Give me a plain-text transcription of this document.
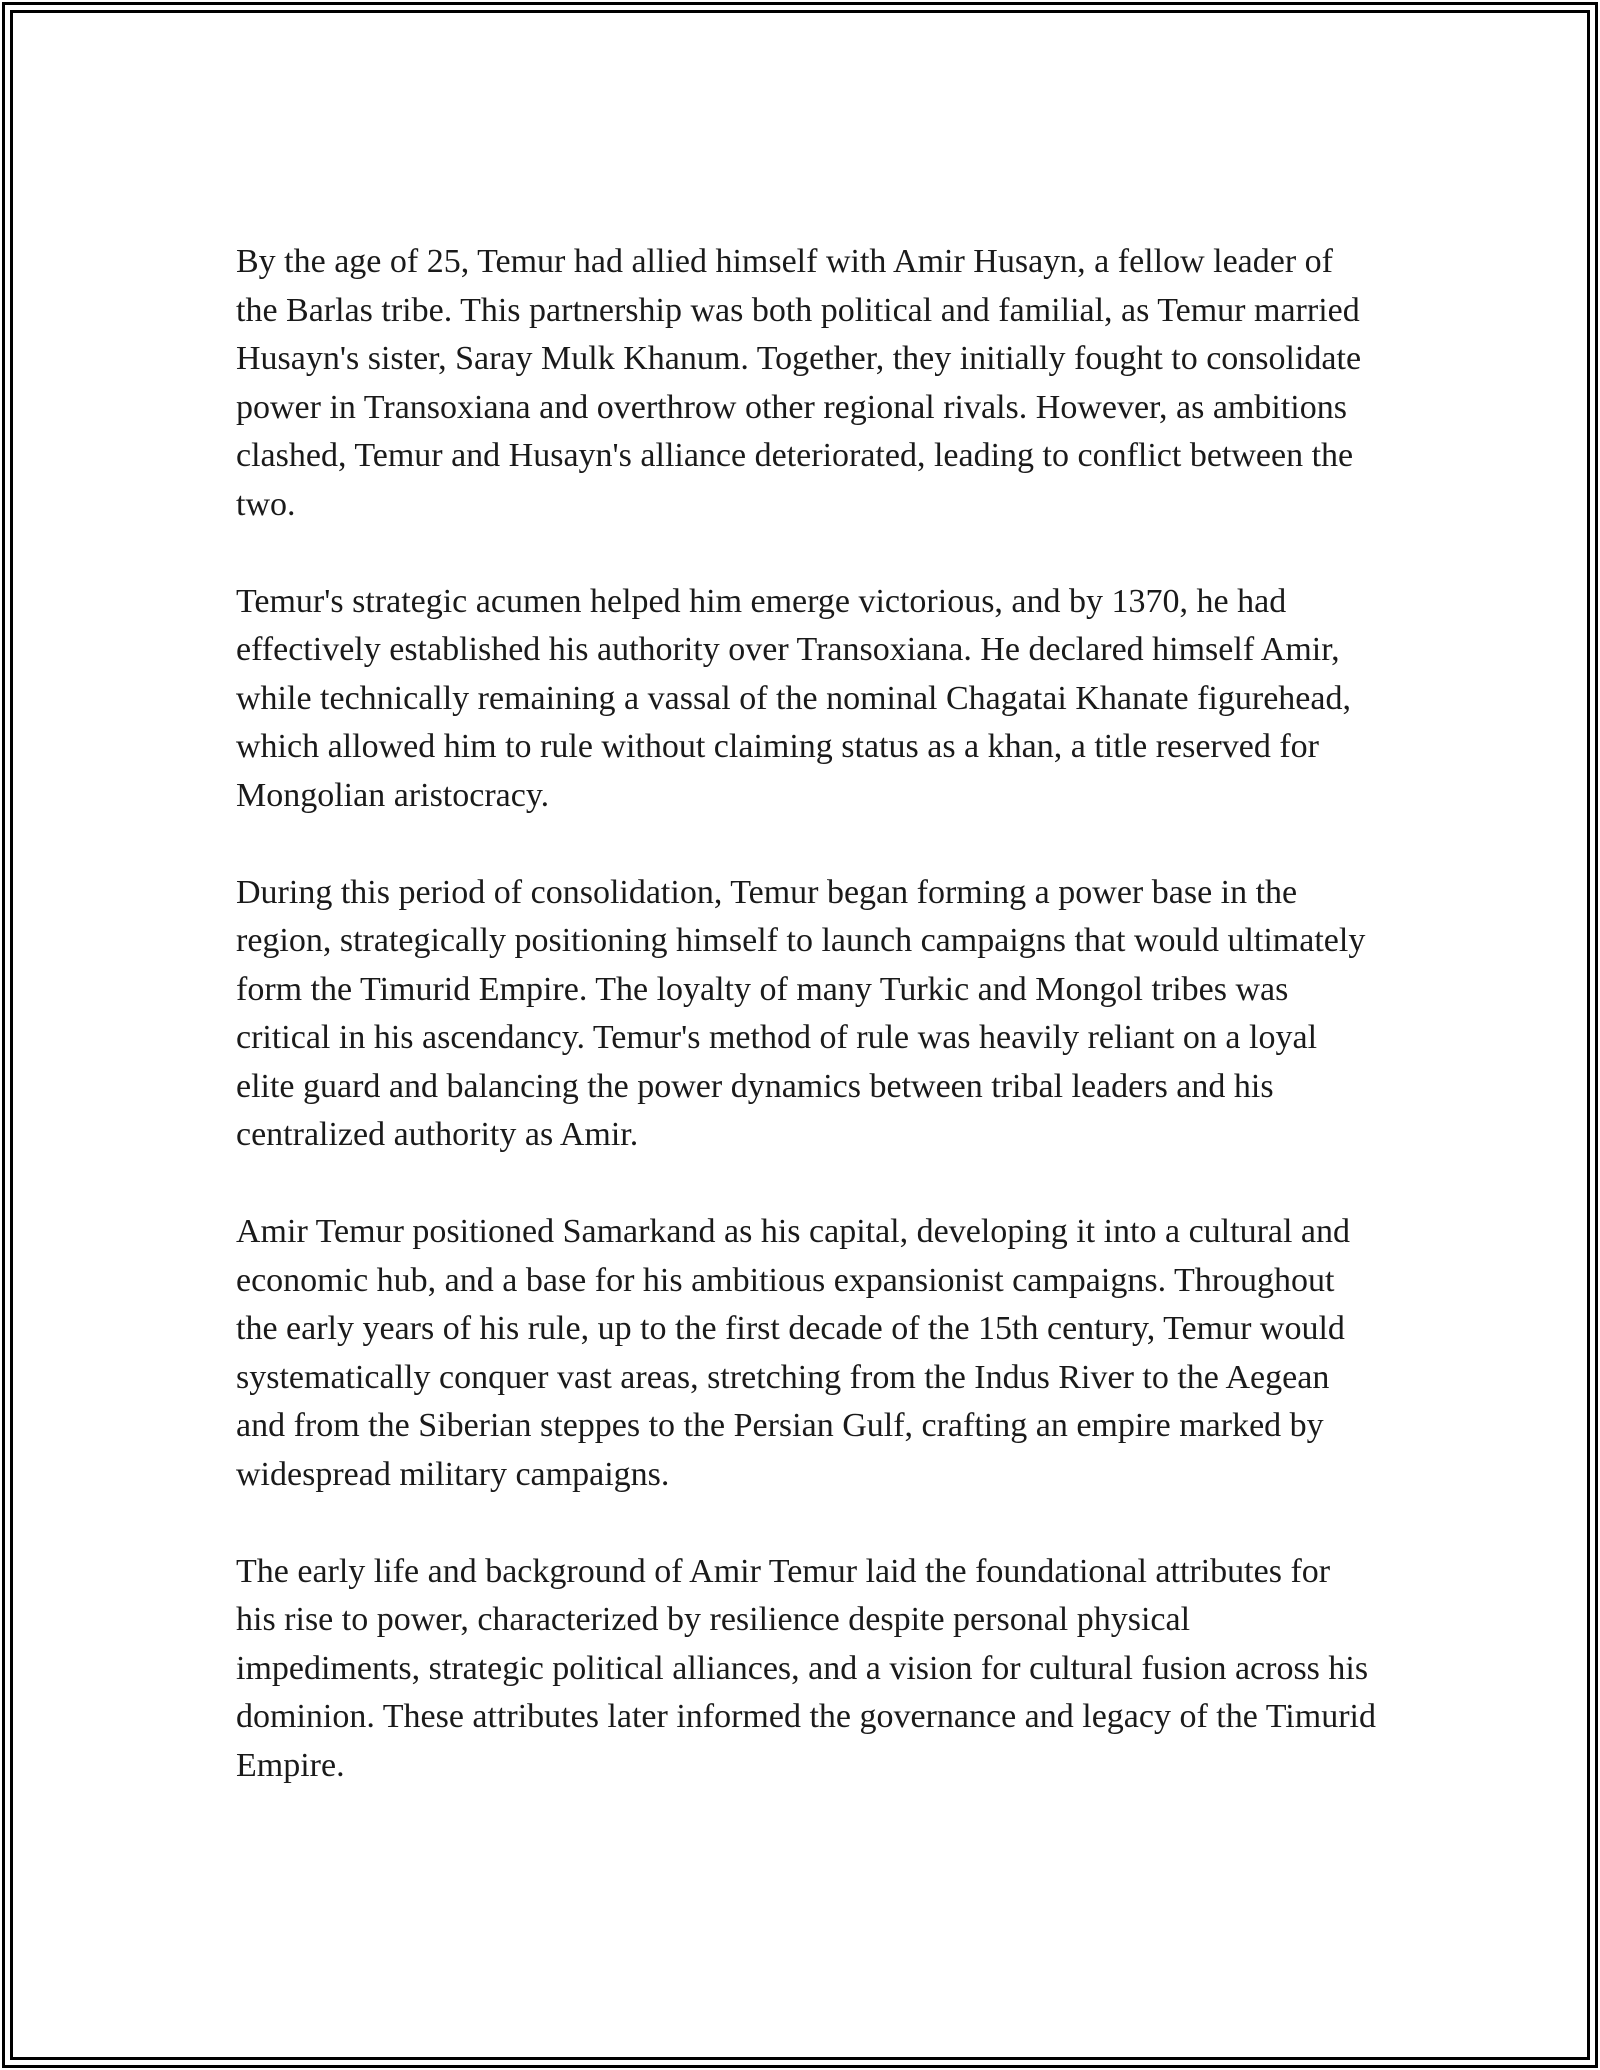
By the age of 25, Temur had allied himself with Amir Husayn, a fellow leader of the Barlas tribe. This partnership was both political and familial, as Temur married Husayn's sister, Saray Mulk Khanum. Together, they initially fought to consolidate power in Transoxiana and overthrow other regional rivals. However, as ambitions clashed, Temur and Husayn's alliance deteriorated, leading to conflict between the two.

Temur's strategic acumen helped him emerge victorious, and by 1370, he had effectively established his authority over Transoxiana. He declared himself Amir, while technically remaining a vassal of the nominal Chagatai Khanate figurehead, which allowed him to rule without claiming status as a khan, a title reserved for Mongolian aristocracy.

During this period of consolidation, Temur began forming a power base in the region, strategically positioning himself to launch campaigns that would ultimately form the Timurid Empire. The loyalty of many Turkic and Mongol tribes was critical in his ascendancy. Temur's method of rule was heavily reliant on a loyal elite guard and balancing the power dynamics between tribal leaders and his centralized authority as Amir.

Amir Temur positioned Samarkand as his capital, developing it into a cultural and economic hub, and a base for his ambitious expansionist campaigns. Throughout the early years of his rule, up to the first decade of the 15th century, Temur would systematically conquer vast areas, stretching from the Indus River to the Aegean and from the Siberian steppes to the Persian Gulf, crafting an empire marked by widespread military campaigns.

The early life and background of Amir Temur laid the foundational attributes for his rise to power, characterized by resilience despite personal physical impediments, strategic political alliances, and a vision for cultural fusion across his dominion. These attributes later informed the governance and legacy of the Timurid Empire.
